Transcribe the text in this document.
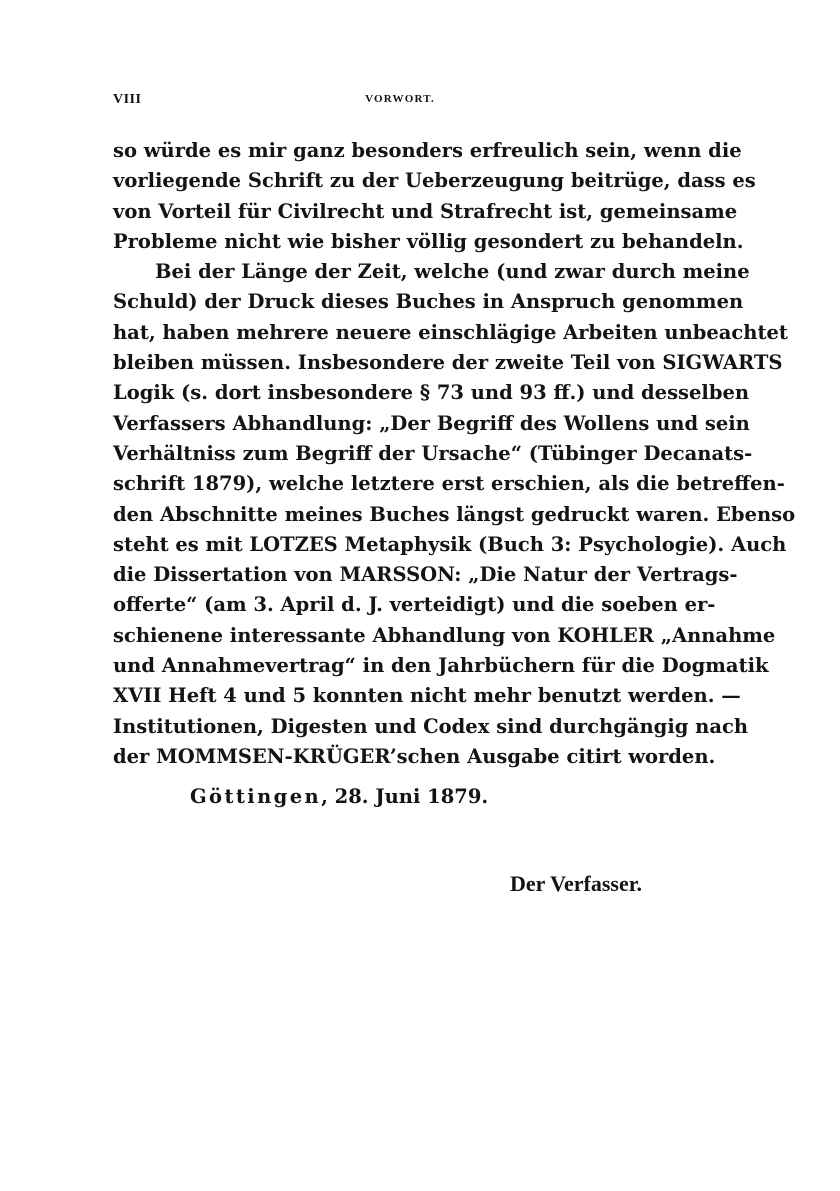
VIII	VORWORT.
so würde es mir ganz besonders erfreulich sein, wenn die
vorliegende Schrift zu der Ueberzeugung beitrüge, dass es
von Vorteil für Civilrecht und Strafrecht ist, gemeinsame
Probleme nicht wie bisher völlig gesondert zu behandeln.
Bei der Länge der Zeit, welche (und zwar durch meine
Schuld) der Druck dieses Buches in Anspruch genommen
hat, haben mehrere neuere einschlägige Arbeiten unbeachtet
bleiben müssen. Insbesondere der zweite Teil von SIGWARTS
Logik (s. dort insbesondere § 73 und 93 ff.) und desselben
Verfassers Abhandlung: „Der Begriff des Wollens und sein
Verhältniss zum Begriff der Ursache“ (Tübinger Decanats-
schrift 1879), welche letztere erst erschien, als die betreffen-
den Abschnitte meines Buches längst gedruckt waren. Ebenso
steht es mit LOTZES Metaphysik (Buch 3: Psychologie). Auch
die Dissertation von MARSSON: „Die Natur der Vertrags-
offerte“ (am 3. April d. J. verteidigt) und die soeben er-
schienene interessante Abhandlung von KOHLER „Annahme
und Annahmevertrag“ in den Jahrbüchern für die Dogmatik
XVII Heft 4 und 5 konnten nicht mehr benutzt werden. —
Institutionen, Digesten und Codex sind durchgängig nach
der MOMMSEN-KRÜGER’schen Ausgabe citirt worden.
Göttingen, 28. Juni 1879.
Der Verfasser.
